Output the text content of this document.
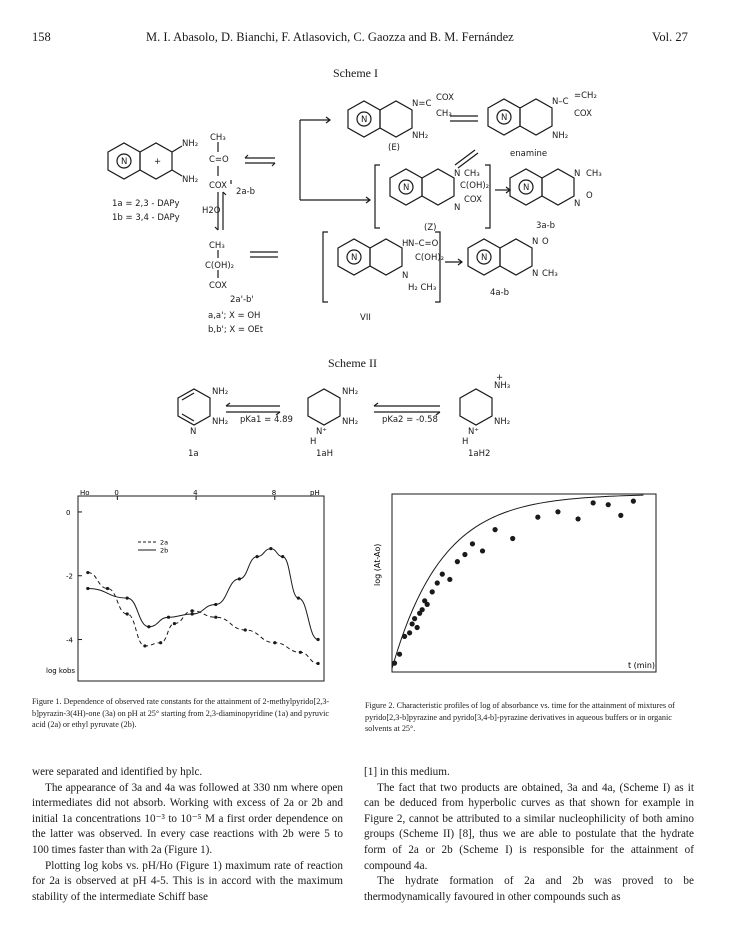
158	M. I. Abasolo, D. Bianchi, F. Atlasovich, C. Gaozza and B. M. Fernández	Vol. 27
Scheme I
N
NH₂
NH₂
+
CH₃
C=O
COX
CH₃
C(OH)₂
COX
N
N=C
COX
CH₃
NH₂
N
N–C
=CH₂
COX
NH₂
N
N CH₃
C(OH)₂
N
COX
N
N CH₃
N
O
N
H N–C=O
C(OH)₂
N
H₂ CH₃
N
N O
N CH₃
(E)
enamine
(Z)	3a-b
4a-b
VII
2a-b
2a'-b'
H2O
1a = 2,3 - DAPy
1b = 3,4 - DAPy
a,a'; X = OH
b,b'; X = OEt
Scheme II
NH₂
NH₂
N
NH₂
NH₂
N⁺
H
NH₃
+
NH₂
N⁺
H
pKa1 = 4.89	pKa2 = -0.58
1a	1aH	1aH2
0	4	8
0
-2
-4
Ho	pH
log kobs
2a
2b	log (At-Ao)
t (min)
Figure 1. Dependence of observed rate constants for the attainment of 2-methylpyrido[2,3-b]pyrazin-3(4H)-one (3a) on pH at 25° starting from 2,3-diaminopyridine (1a) and pyruvic acid (2a) or ethyl pyruvate (2b).
Figure 2. Characteristic profiles of log of absorbance vs. time for the attainment of mixtures of pyrido[2,3-b]pyrazine and pyrido[3,4-b]-pyrazine derivatives in aqueous buffers or in organic solvents at 25°.

were separated and identified by hplc.

The appearance of 3a and 4a was followed at 330 nm where open intermediates did not absorb. Working with excess of 2a or 2b and initial 1a concentrations 10⁻³ to 10⁻⁵ M a first order dependence on the latter was observed. In every case reactions with 2b were 5 to 100 times faster than with 2a (Figure 1).

Plotting log kobs vs. pH/Ho (Figure 1) maximum rate of reaction for 2a is observed at pH 4-5. This is in accord with the maximum stability of the intermediate Schiff base

[1] in this medium.

The fact that two products are obtained, 3a and 4a, (Scheme I) as it can be deduced from hyperbolic curves as that shown for example in Figure 2, cannot be attributed to a similar nucleophilicity of both amino groups (Scheme II) [8], thus we are able to postulate that the hydrate form of 2a or 2b (Scheme I) is responsible for the attainment of compound 4a.

The hydrate formation of 2a and 2b was proved to be thermodynamically favoured in other compounds such as
